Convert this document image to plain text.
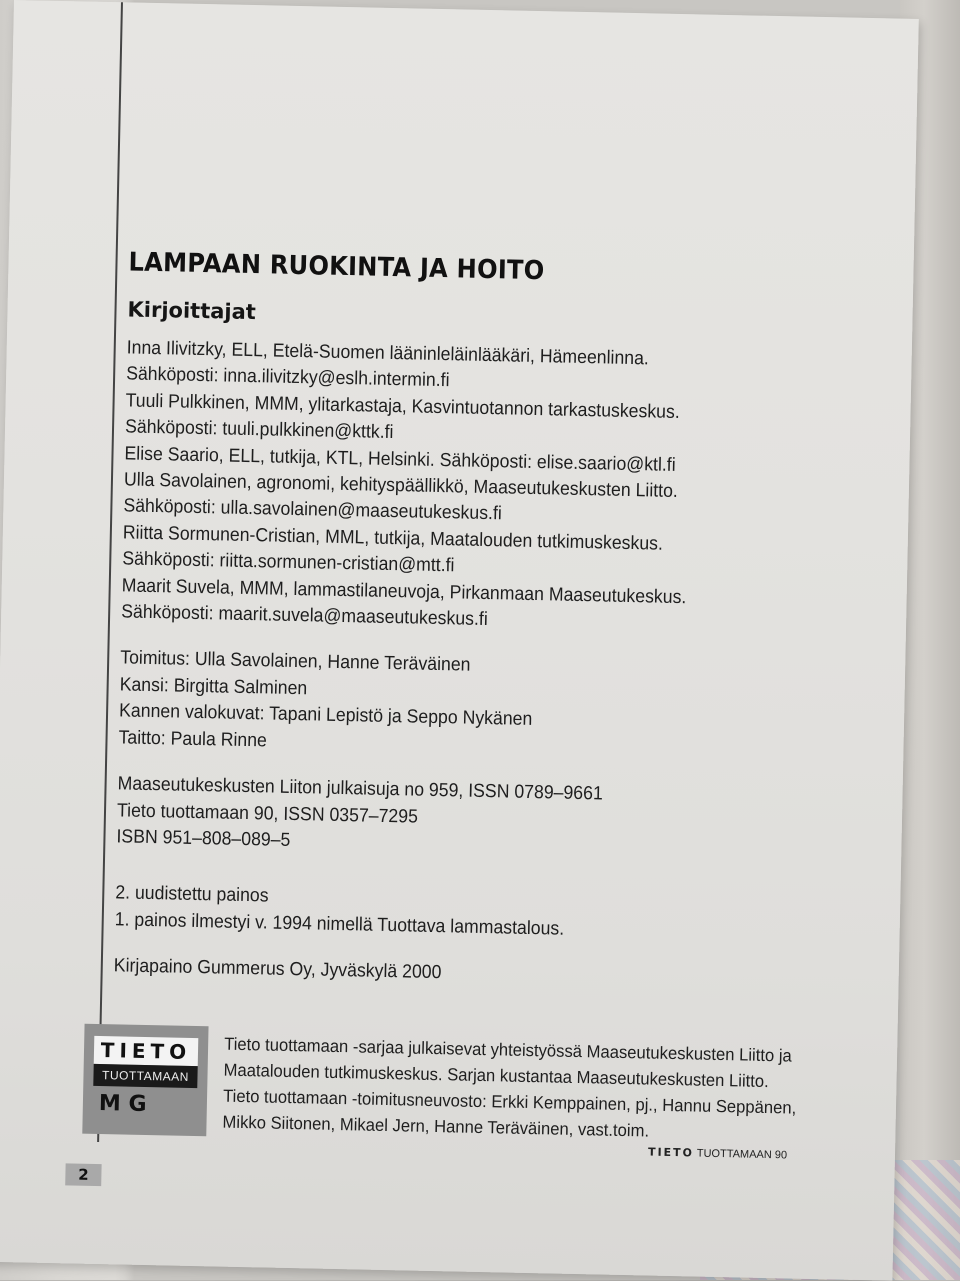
LAMPAAN RUOKINTA JA HOITO
Kirjoittajat
Inna Ilivitzky, ELL, Etelä-Suomen lääninleläinlääkäri, Hämeenlinna.
Sähköposti: inna.ilivitzky@eslh.intermin.fi
Tuuli Pulkkinen, MMM, ylitarkastaja, Kasvintuotannon tarkastuskeskus.
Sähköposti: tuuli.pulkkinen@kttk.fi
Elise Saario, ELL, tutkija, KTL, Helsinki. Sähköposti: elise.saario@ktl.fi
Ulla Savolainen, agronomi, kehityspäällikkö, Maaseutukeskusten Liitto.
Sähköposti: ulla.savolainen@maaseutukeskus.fi
Riitta Sormunen-Cristian, MML, tutkija, Maatalouden tutkimuskeskus.
Sähköposti: riitta.sormunen-cristian@mtt.fi
Maarit Suvela, MMM, lammastilaneuvoja, Pirkanmaan Maaseutukeskus.
Sähköposti: maarit.suvela@maaseutukeskus.fi
Toimitus: Ulla Savolainen, Hanne Teräväinen
Kansi: Birgitta Salminen
Kannen valokuvat: Tapani Lepistö ja Seppo Nykänen
Taitto: Paula Rinne
Maaseutukeskusten Liiton julkaisuja no 959, ISSN 0789–9661
Tieto tuottamaan 90, ISSN 0357–7295
ISBN 951–808–089–5
2. uudistettu painos
1. painos ilmestyi v. 1994 nimellä Tuottava lammastalous.
Kirjapaino Gummerus Oy, Jyväskylä 2000
TIETO
TUOTTAMAAN
M G
Tieto tuottamaan -sarjaa julkaisevat yhteistyössä Maaseutukeskusten Liitto ja
Maatalouden tutkimuskeskus. Sarjan kustantaa Maaseutukeskusten Liitto.
Tieto tuottamaan -toimitusneuvosto: Erkki Kemppainen, pj., Hannu Seppänen,
Mikko Siitonen, Mikael Jern, Hanne Teräväinen, vast.toim.
TIETO TUOTTAMAAN 90
2
